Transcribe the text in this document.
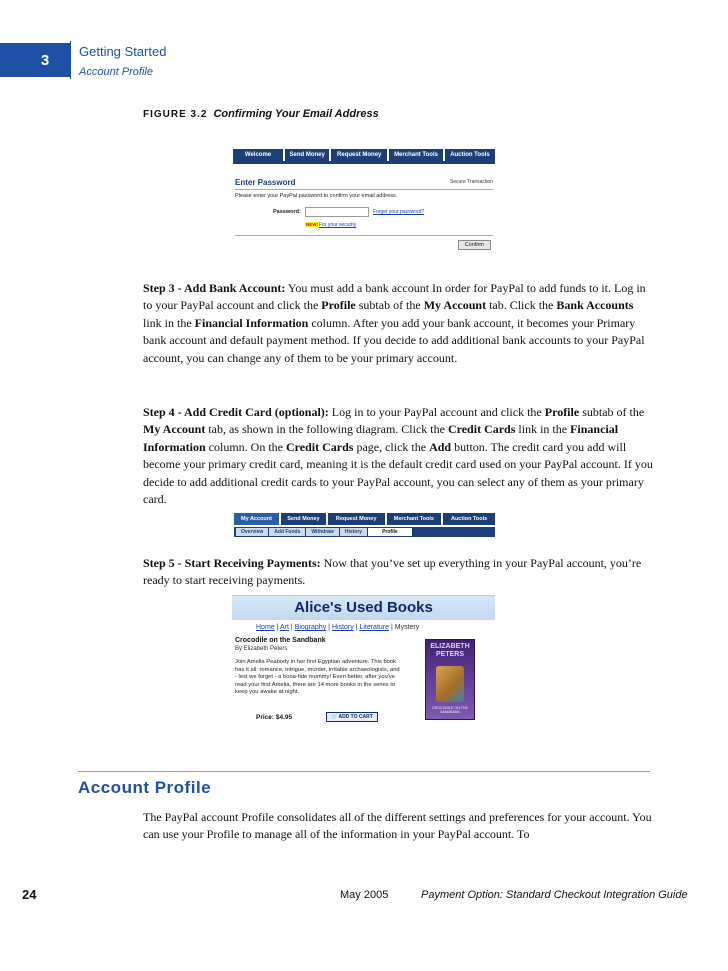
3 Getting Started
Account Profile
FIGURE 3.2 Confirming Your Email Address
Welcome	Send Money	Request Money	Merchant Tools	Auction Tools
Enter Password	Secure Transaction
Please enter your PayPal password to confirm your email address.
Password:	Forget your password?
NEW! For your security
Confirm
Step 3 - Add Bank Account: You must add a bank account In order for PayPal to add funds to it. Log in to your PayPal account and click the Profile subtab of the My Account tab. Click the Bank Accounts link in the Financial Information column. After you add your bank account, it becomes your Primary bank account and default payment method. If you decide to add additional bank accounts to your PayPal account, you can change any of them to be your primary account.
Step 4 - Add Credit Card (optional): Log in to your PayPal account and click the Profile subtab of the My Account tab, as shown in the following diagram. Click the Credit Cards link in the Financial Information column. On the Credit Cards page, click the Add button. The credit card you add will become your primary credit card, meaning it is the default credit card used on your PayPal account. If you decide to add additional credit cards to your PayPal account, you can select any of them as your primary card.
My Account	Send Money	Request Money	Merchant Tools	Auction Tools
Overview	Add Funds	Withdraw	History	Profile
Step 5 - Start Receiving Payments: Now that you’ve set up everything in your PayPal account, you’re ready to start receiving payments.
Alice's Used Books
Home | Art | Biography | History | Literature | Mystery
Crocodile on the Sandbank
By Elizabeth Peters
Join Amelia Peabody in her first Egyptian adventure. This book has it all: romance, intrigue, murder, irritable archaeologists, and - lest we forget - a bona-fide mummy! Even better, after you've read your first Amelia, there are 14 more books in the series to keep you awake at night.
Price: $4.95	🛒 ADD TO CART
ELIZABETH
PETERS
CROCODILE ON THE SANDBANK
Account Profile
The PayPal account Profile consolidates all of the different settings and preferences for your account. You can use your Profile to manage all of the information in your PayPal account. To
24	May 2005	Payment Option: Standard Checkout Integration Guide
